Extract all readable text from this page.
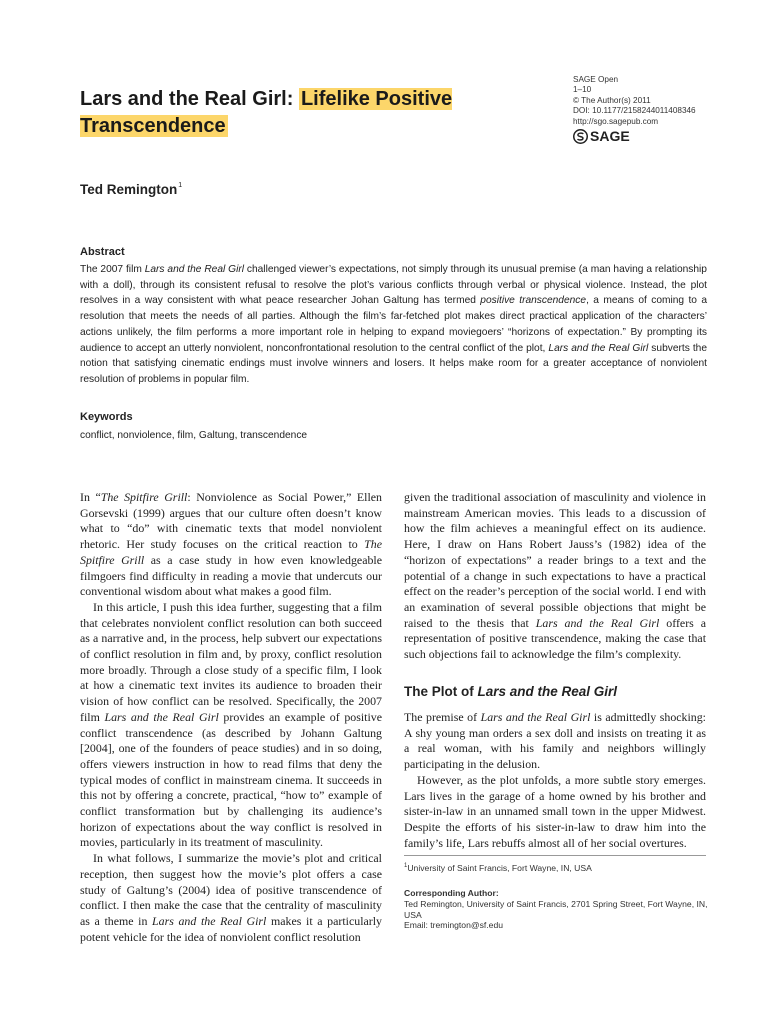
Lars and the Real Girl: Lifelike Positive Transcendence
SAGE Open
1–10
© The Author(s) 2011
DOI: 10.1177/2158244011408346
http://sgo.sagepub.com
SAGE
Ted Remington$^1$
Abstract

The 2007 film Lars and the Real Girl challenged viewer’s expectations, not simply through its unusual premise (a man having a relationship with a doll), through its consistent refusal to resolve the plot’s various conflicts through verbal or physical violence. Instead, the plot resolves in a way consistent with what peace researcher Johan Galtung has termed positive transcendence, a means of coming to a resolution that meets the needs of all parties. Although the film’s far-fetched plot makes direct practical application of the characters’ actions unlikely, the film performs a more important role in helping to expand moviegoers’ “horizons of expectation.” By prompting its audience to accept an utterly nonviolent, nonconfrontational resolution to the central conflict of the plot, Lars and the Real Girl subverts the notion that satisfying cinematic endings must involve winners and losers. It helps make room for a greater acceptance of nonviolent resolution of problems in popular film.

Keywords
conflict, nonviolence, film, Galtung, transcendence

In “The Spitfire Grill: Nonviolence as Social Power,” Ellen Gorsevski (1999) argues that our culture often doesn’t know what to “do” with cinematic texts that model nonviolent rhetoric. Her study focuses on the critical reaction to The Spitfire Grill as a case study in how even knowledgeable filmgoers find difficulty in reading a movie that undercuts our conventional wisdom about what makes a good film.

In this article, I push this idea further, suggesting that a film that celebrates nonviolent conflict resolution can both succeed as a narrative and, in the process, help subvert our expectations of conflict resolution in film and, by proxy, conflict resolution more broadly. Through a close study of a specific film, I look at how a cinematic text invites its audience to broaden their vision of how conflict can be resolved. Specifically, the 2007 film Lars and the Real Girl provides an example of positive conflict transcendence (as described by Johann Galtung [2004], one of the founders of peace studies) and in so doing, offers viewers instruction in how to read films that deny the typical modes of conflict in mainstream cinema. It succeeds in this not by offering a concrete, practical, “how to” example of conflict transformation but by challenging its audience’s horizon of expectations about the way conflict is resolved in movies, particularly in its treatment of masculinity.

In what follows, I summarize the movie’s plot and critical reception, then suggest how the movie’s plot offers a case study of Galtung’s (2004) idea of positive transcendence of conflict. I then make the case that the centrality of masculinity as a theme in Lars and the Real Girl makes it a particularly potent vehicle for the idea of nonviolent conflict resolution

given the traditional association of masculinity and violence in mainstream American movies. This leads to a discussion of how the film achieves a meaningful effect on its audience. Here, I draw on Hans Robert Jauss’s (1982) idea of the “horizon of expectations” a reader brings to a text and the potential of a change in such expectations to have a practical effect on the reader’s perception of the social world. I end with an examination of several possible objections that might be raised to the thesis that Lars and the Real Girl offers a representation of positive transcendence, making the case that such objections fail to acknowledge the film’s complexity.

The Plot of Lars and the Real Girl

The premise of Lars and the Real Girl is admittedly shocking: A shy young man orders a sex doll and insists on treating it as a real woman, with his family and neighbors willingly participating in the delusion.

However, as the plot unfolds, a more subtle story emerges. Lars lives in the garage of a home owned by his brother and sister-in-law in an unnamed small town in the upper Midwest. Despite the efforts of his sister-in-law to draw him into the family’s life, Lars rebuffs almost all of her social overtures.

$^1$University of Saint Francis, Fort Wayne, IN, USA
Corresponding Author:
Ted Remington, University of Saint Francis, 2701 Spring Street, Fort Wayne, IN, USA
Email: tremington@sf.edu
